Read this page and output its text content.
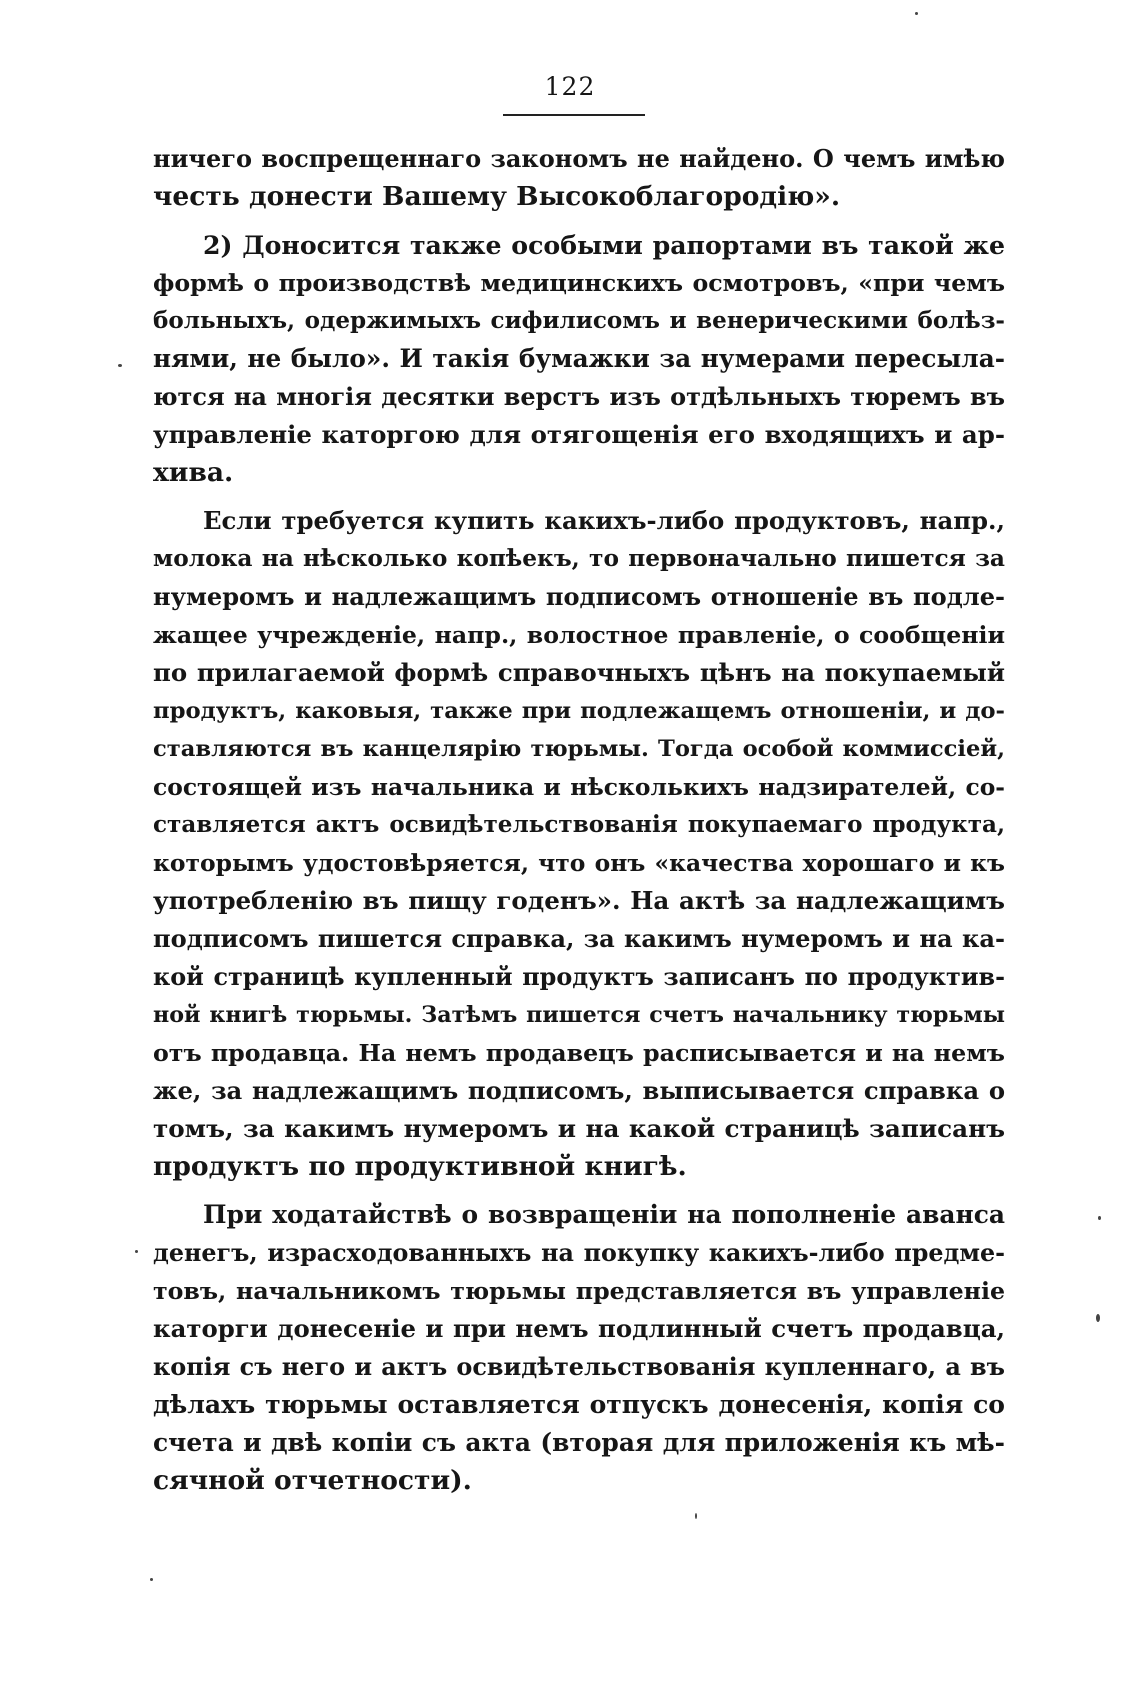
122
ничего воспрещеннаго закономъ не найдено. О чемъ имѣю
честь донести Вашему Высокоблагородію».
2) Доносится также особыми рапортами въ такой же
формѣ о производствѣ медицинскихъ осмотровъ, «при чемъ
больныхъ, одержимыхъ сифилисомъ и венерическими болѣз-
нями, не было». И такія бумажки за нумерами пересыла-
ются на многія десятки верстъ изъ отдѣльныхъ тюремъ въ
управленіе каторгою для отягощенія его входящихъ и ар-
хива.
Если требуется купить какихъ-либо продуктовъ, напр.,
молока на нѣсколько копѣекъ, то первоначально пишется за
нумеромъ и надлежащимъ подписомъ отношеніе въ подле-
жащее учрежденіе, напр., волостное правленіе, о сообщеніи
по прилагаемой формѣ справочныхъ цѣнъ на покупаемый
продуктъ, каковыя, также при подлежащемъ отношеніи, и до-
ставляются въ канцелярію тюрьмы. Тогда особой коммиссіей,
состоящей изъ начальника и нѣсколькихъ надзирателей, со-
ставляется актъ освидѣтельствованія покупаемаго продукта,
которымъ удостовѣряется, что онъ «качества хорошаго и къ
употребленію въ пищу годенъ». На актѣ за надлежащимъ
подписомъ пишется справка, за какимъ нумеромъ и на ка-
кой страницѣ купленный продуктъ записанъ по продуктив-
ной книгѣ тюрьмы. Затѣмъ пишется счетъ начальнику тюрьмы
отъ продавца. На немъ продавецъ расписывается и на немъ
же, за надлежащимъ подписомъ, выписывается справка о
томъ, за какимъ нумеромъ и на какой страницѣ записанъ
продуктъ по продуктивной книгѣ.
При ходатайствѣ о возвращеніи на пополненіе аванса
денегъ, израсходованныхъ на покупку какихъ-либо предме-
товъ, начальникомъ тюрьмы представляется въ управленіе
каторги донесеніе и при немъ подлинный счетъ продавца,
копія съ него и актъ освидѣтельствованія купленнаго, а въ
дѣлахъ тюрьмы оставляется отпускъ донесенія, копія со
счета и двѣ копіи съ акта (вторая для приложенія къ мѣ-
сячной отчетности).
